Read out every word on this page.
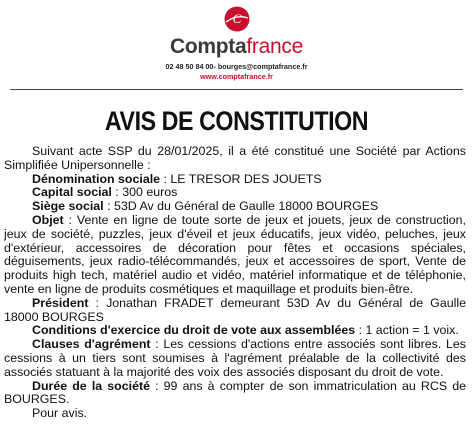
C
Comptafrance
02 48 50 84 00- bourges@comptafrance.fr
www.comptafrance.fr
AVIS DE CONSTITUTION

Suivant acte SSP du 28/01/2025, il a été constitué une Société par Actions Simplifiée Unipersonnelle :

Dénomination sociale : LE TRESOR DES JOUETS

Capital social : 300 euros

Siège social : 53D Av du Général de Gaulle 18000 BOURGES

Objet : Vente en ligne de toute sorte de jeux et jouets, jeux de construction, jeux de société, puzzles, jeux d'éveil et jeux éducatifs, jeux vidéo, peluches, jeux d'extérieur, accessoires de décoration pour fêtes et occasions spéciales, déguisements, jeux radio-télécommandés, jeux et accessoires de sport, Vente de produits high tech, matériel audio et vidéo, matériel informatique et de téléphonie, vente en ligne de produits cosmétiques et maquillage et produits bien-être.

Président : Jonathan FRADET demeurant 53D Av du Général de Gaulle 18000 BOURGES

Conditions d'exercice du droit de vote aux assemblées : 1 action = 1 voix.

Clauses d'agrément : Les cessions d'actions entre associés sont libres. Les cessions à un tiers sont soumises à l'agrément préalable de la collectivité des associés statuant à la majorité des voix des associés disposant du droit de vote.

Durée de la société : 99 ans à compter de son immatriculation au RCS de BOURGES.

Pour avis.
